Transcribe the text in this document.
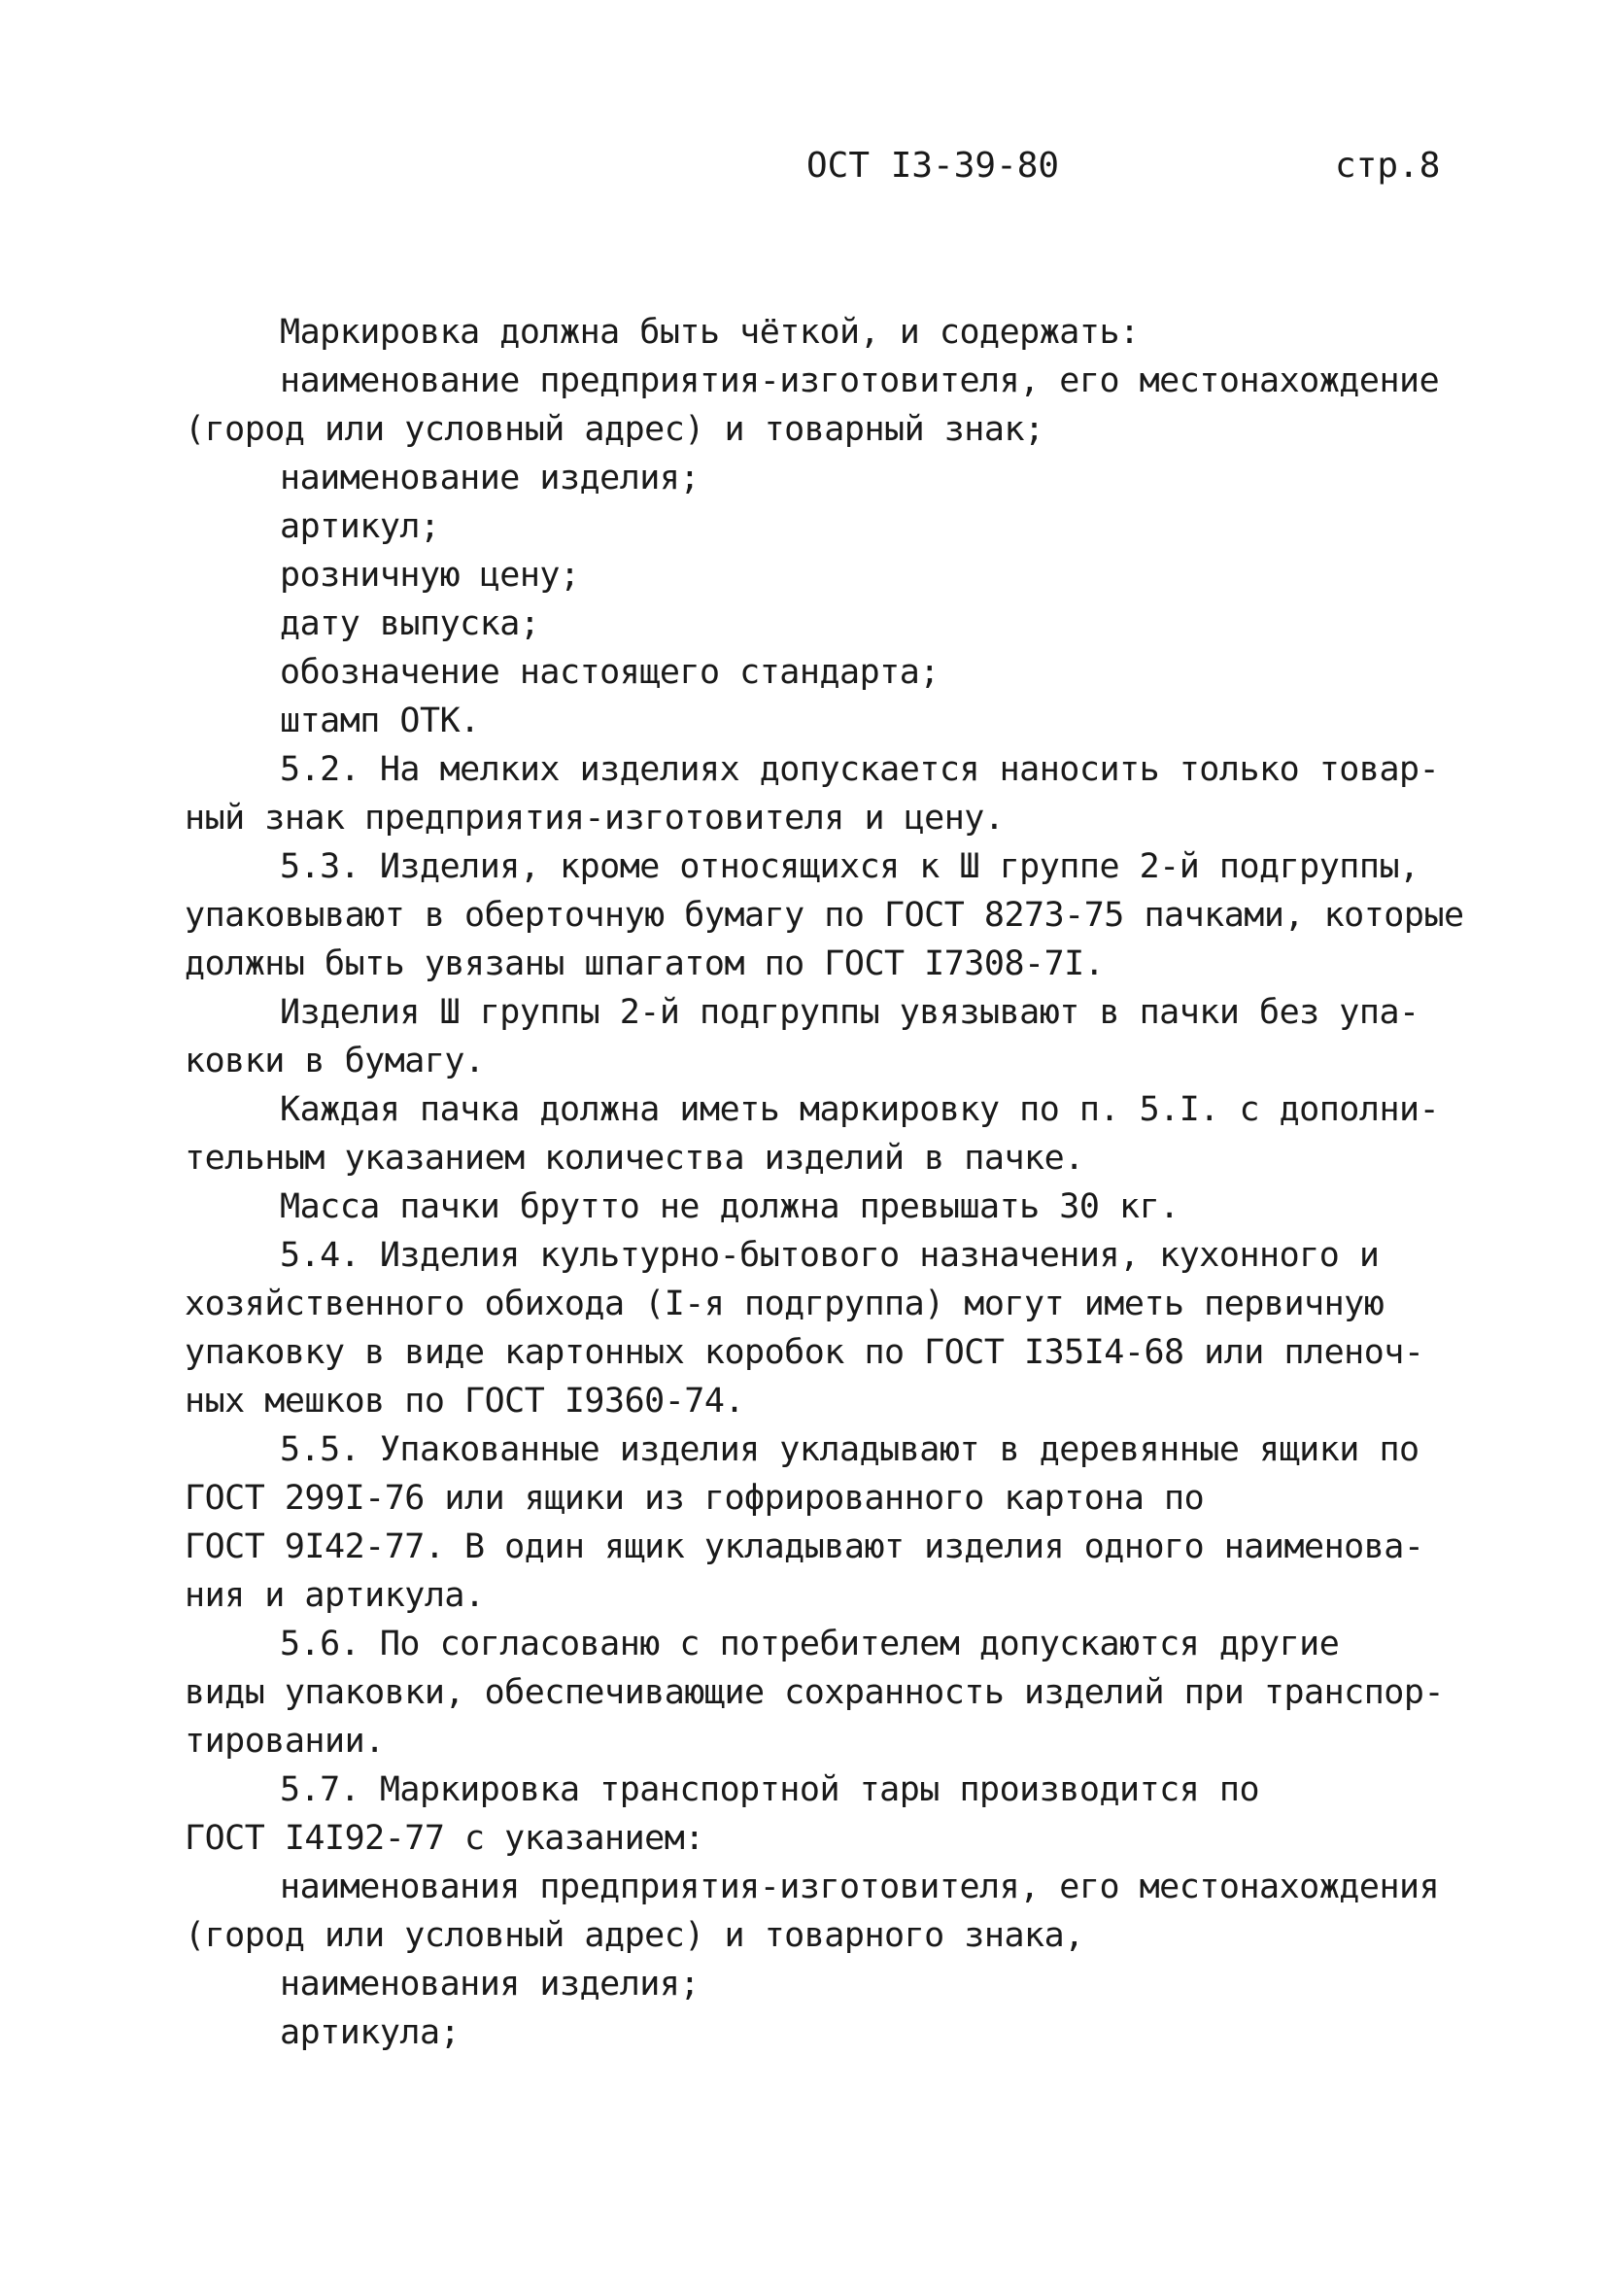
ОСТ I3-39-80	стр.8
Маркировка должна быть чёткой, и содержать:
наименование предприятия-изготовителя, его местонахождение
(город или условный адрес) и товарный знак;
наименование изделия;
артикул;
розничную цену;
дату выпуска;
обозначение настоящего стандарта;
штамп ОТК.
5.2. На мелких изделиях допускается наносить только товар-
ный знак предприятия-изготовителя и цену.
5.3. Изделия, кроме относящихся к Ш группе 2-й подгруппы,
упаковывают в оберточную бумагу по ГОСТ 8273-75 пачками, которые
должны быть увязаны шпагатом по ГОСТ I7308-7I.
Изделия Ш группы 2-й подгруппы увязывают в пачки без упа-
ковки в бумагу.
Каждая пачка должна иметь маркировку по п. 5.I. с дополни-
тельным указанием количества изделий в пачке.
Масса пачки брутто не должна превышать 30 кг.
5.4. Изделия культурно-бытового назначения, кухонного и
хозяйственного обихода (I-я подгруппа) могут иметь первичную
упаковку в виде картонных коробок по ГОСТ I35I4-68 или пленоч-
ных мешков по ГОСТ I9360-74.
5.5. Упакованные изделия укладывают в деревянные ящики по
ГОСТ 299I-76 или ящики из гофрированного картона по
ГОСТ 9I42-77. В один ящик укладывают изделия одного наименова-
ния и артикула.
5.6. По согласованю с потребителем допускаются другие
виды упаковки, обеспечивающие сохранность изделий при транспор-
тировании.
5.7. Маркировка транспортной тары производится по
ГОСТ I4I92-77 с указанием:
наименования предприятия-изготовителя, его местонахождения
(город или условный адрес) и товарного знака,
наименования изделия;
артикула;
